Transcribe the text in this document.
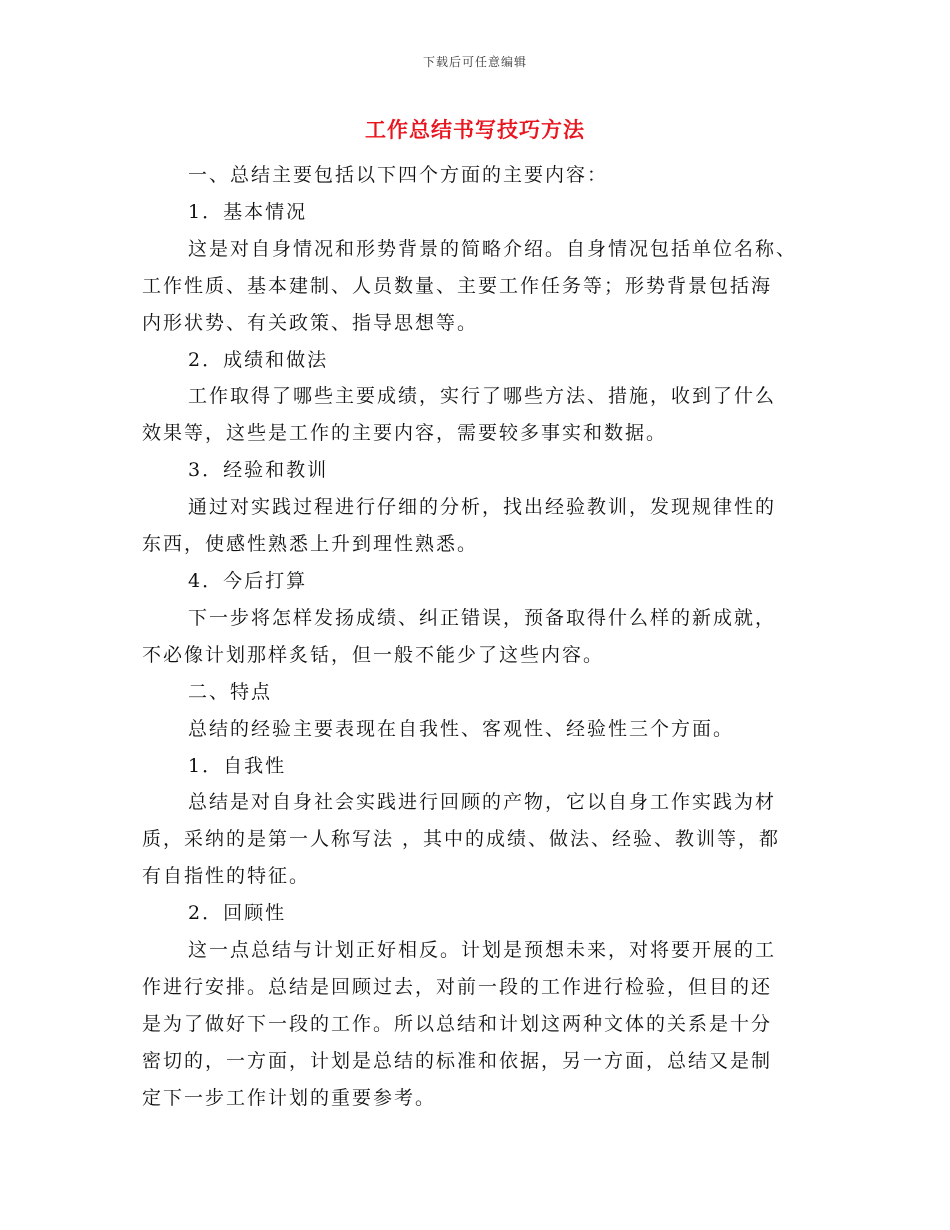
下载后可任意编辑
工作总结书写技巧方法

一、总结主要包括以下四个方面的主要内容：

1．基本情况

这是对自身情况和形势背景的简略介绍。自身情况包括单位名称、

工作性质、基本建制、人员数量、主要工作任务等；形势背景包括海

内形状势、有关政策、指导思想等。

2．成绩和做法

工作取得了哪些主要成绩，实行了哪些方法、措施，收到了什么

效果等，这些是工作的主要内容，需要较多事实和数据。

3．经验和教训

通过对实践过程进行仔细的分析，找出经验教训，发现规律性的

东西，使感性熟悉上升到理性熟悉。

4．今后打算

下一步将怎样发扬成绩、纠正错误，预备取得什么样的新成就，

不必像计划那样炙铦，但一般不能少了这些内容。

二、特点

总结的经验主要表现在自我性、客观性、经验性三个方面。

1．自我性

总结是对自身社会实践进行回顾的产物，它以自身工作实践为材

质，采纳的是第一人称写法 ，其中的成绩、做法、经验、教训等，都

有自指性的特征。

2．回顾性

这一点总结与计划正好相反。计划是预想未来，对将要开展的工

作进行安排。总结是回顾过去，对前一段的工作进行检验，但目的还

是为了做好下一段的工作。所以总结和计划这两种文体的关系是十分

密切的，一方面，计划是总结的标准和依据，另一方面，总结又是制

定下一步工作计划的重要参考。
